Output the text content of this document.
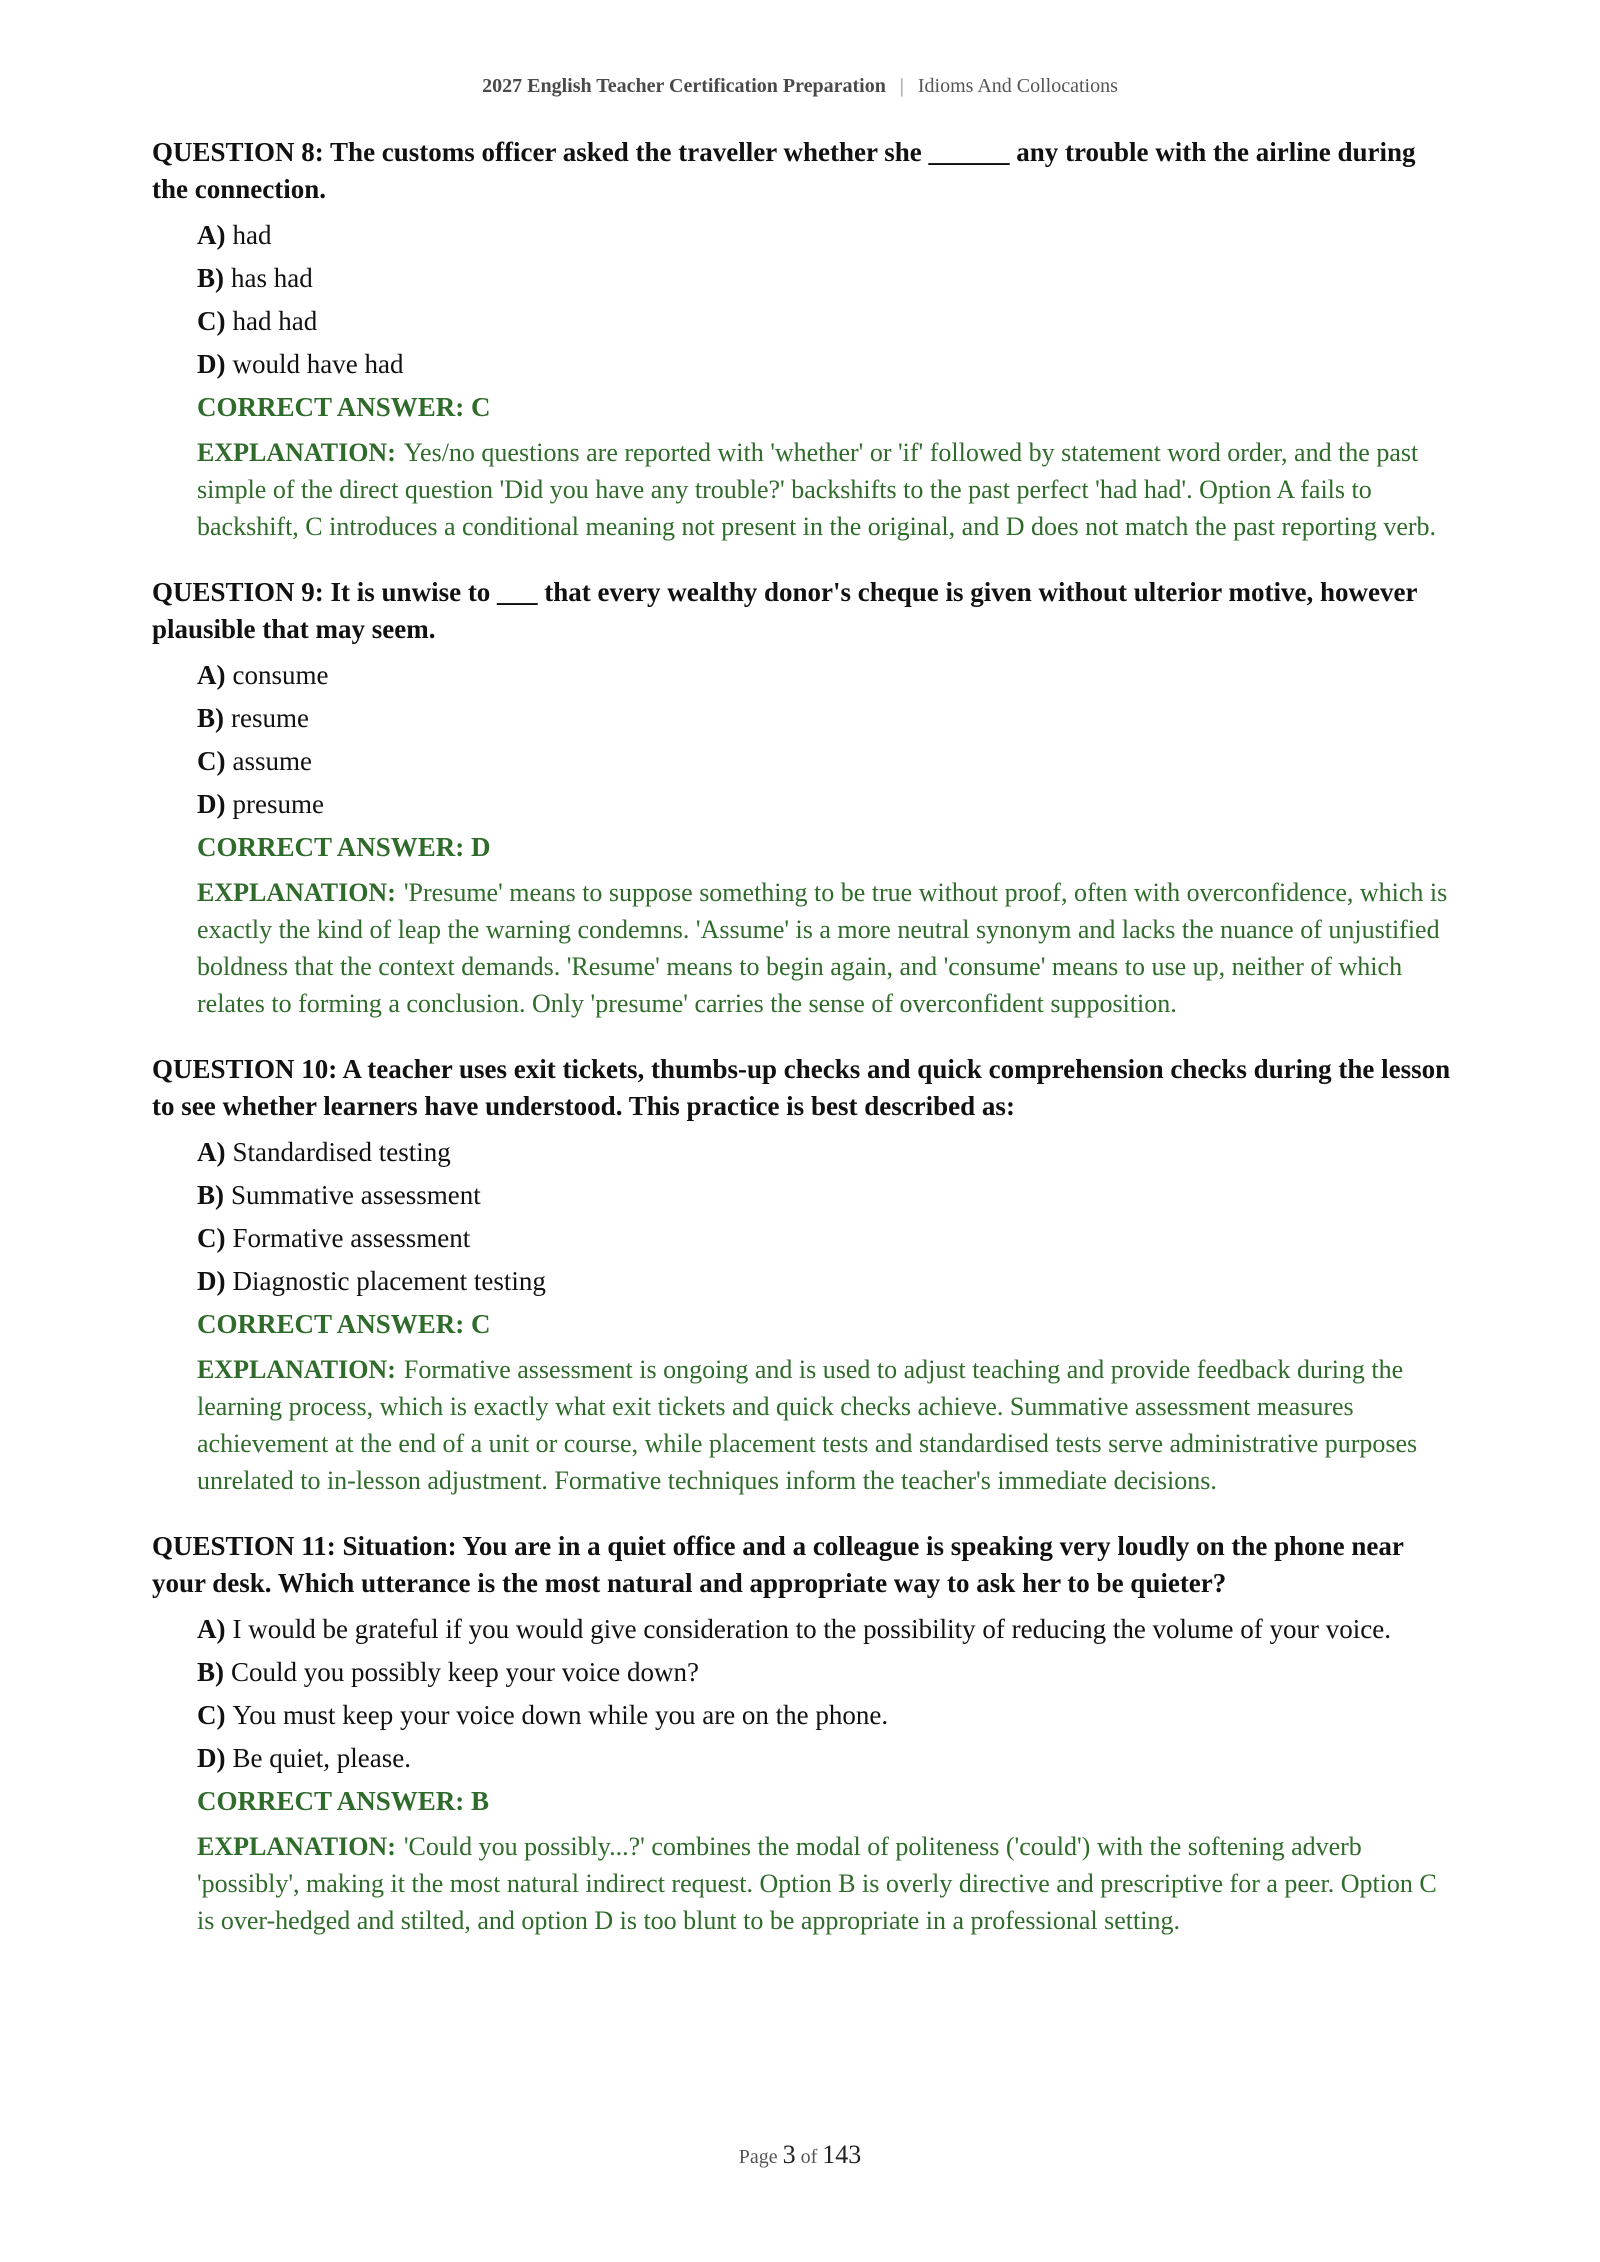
2027 English Teacher Certification Preparation | Idioms And Collocations
QUESTION 8: The customs officer asked the traveller whether she ______ any trouble with the airline during the connection.
A) had
B) has had
C) had had
D) would have had
CORRECT ANSWER: C
EXPLANATION: Yes/no questions are reported with 'whether' or 'if' followed by statement word order, and the past simple of the direct question 'Did you have any trouble?' backshifts to the past perfect 'had had'. Option A fails to backshift, C introduces a conditional meaning not present in the original, and D does not match the past reporting verb.
QUESTION 9: It is unwise to ___ that every wealthy donor's cheque is given without ulterior motive, however plausible that may seem.
A) consume
B) resume
C) assume
D) presume
CORRECT ANSWER: D
EXPLANATION: 'Presume' means to suppose something to be true without proof, often with overconfidence, which is exactly the kind of leap the warning condemns. 'Assume' is a more neutral synonym and lacks the nuance of unjustified boldness that the context demands. 'Resume' means to begin again, and 'consume' means to use up, neither of which relates to forming a conclusion. Only 'presume' carries the sense of overconfident supposition.
QUESTION 10: A teacher uses exit tickets, thumbs-up checks and quick comprehension checks during the lesson to see whether learners have understood. This practice is best described as:
A) Standardised testing
B) Summative assessment
C) Formative assessment
D) Diagnostic placement testing
CORRECT ANSWER: C
EXPLANATION: Formative assessment is ongoing and is used to adjust teaching and provide feedback during the learning process, which is exactly what exit tickets and quick checks achieve. Summative assessment measures achievement at the end of a unit or course, while placement tests and standardised tests serve administrative purposes unrelated to in-lesson adjustment. Formative techniques inform the teacher's immediate decisions.
QUESTION 11: Situation: You are in a quiet office and a colleague is speaking very loudly on the phone near your desk. Which utterance is the most natural and appropriate way to ask her to be quieter?
A) I would be grateful if you would give consideration to the possibility of reducing the volume of your voice.
B) Could you possibly keep your voice down?
C) You must keep your voice down while you are on the phone.
D) Be quiet, please.
CORRECT ANSWER: B
EXPLANATION: 'Could you possibly...?' combines the modal of politeness ('could') with the softening adverb 'possibly', making it the most natural indirect request. Option B is overly directive and prescriptive for a peer. Option C is over-hedged and stilted, and option D is too blunt to be appropriate in a professional setting.
Page 3 of 143
